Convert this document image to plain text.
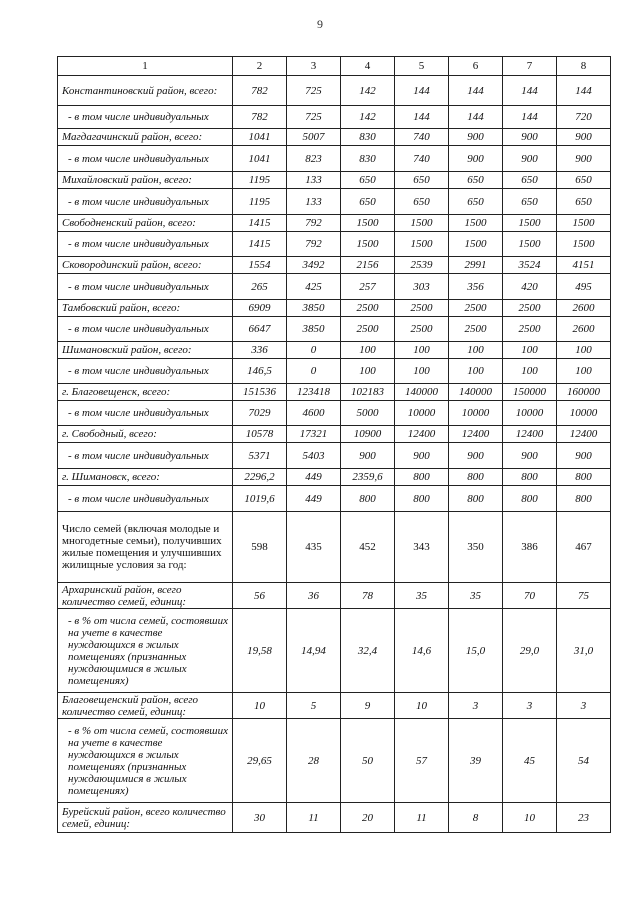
9
1	2	3	4	5	6	7	8
Константиновский район, всего:	782	725	142	144	144	144	144
- в том числе индивидуальных	782	725	142	144	144	144	720
Магдагачинский район, всего:	1041	5007	830	740	900	900	900
- в том числе индивидуальных	1041	823	830	740	900	900	900
Михайловский район, всего:	1195	133	650	650	650	650	650
- в том числе индивидуальных	1195	133	650	650	650	650	650
Свободненский район, всего:	1415	792	1500	1500	1500	1500	1500
- в том числе индивидуальных	1415	792	1500	1500	1500	1500	1500
Сковородинский район, всего:	1554	3492	2156	2539	2991	3524	4151
- в том числе индивидуальных	265	425	257	303	356	420	495
Тамбовский район, всего:	6909	3850	2500	2500	2500	2500	2600
- в том числе индивидуальных	6647	3850	2500	2500	2500	2500	2600
Шимановский район, всего:	336	0	100	100	100	100	100
- в том числе индивидуальных	146,5	0	100	100	100	100	100
г. Благовещенск, всего:	151536	123418	102183	140000	140000	150000	160000
- в том числе индивидуальных	7029	4600	5000	10000	10000	10000	10000
г. Свободный, всего:	10578	17321	10900	12400	12400	12400	12400
- в том числе индивидуальных	5371	5403	900	900	900	900	900
г. Шимановск, всего:	2296,2	449	2359,6	800	800	800	800
- в том числе индивидуальных	1019,6	449	800	800	800	800	800
Число семей (включая молодые и многодетные семьи), получивших жилые помещения и улучшивших жилищные условия за год:	598	435	452	343	350	386	467
Архаринский район, всего количество семей, единиц:	56	36	78	35	35	70	75
- в % от числа семей, состоявших на учете в качестве нуждающихся в жилых помещениях (признанных нуждающимися в жилых помещениях)	19,58	14,94	32,4	14,6	15,0	29,0	31,0
Благовещенский район, всего количество семей, единиц:	10	5	9	10	3	3	3
- в % от числа семей, состоявших на учете в качестве нуждающихся в жилых помещениях (признанных нуждающимися в жилых помещениях)	29,65	28	50	57	39	45	54
Бурейский район, всего количество семей, единиц:	30	11	20	11	8	10	23
